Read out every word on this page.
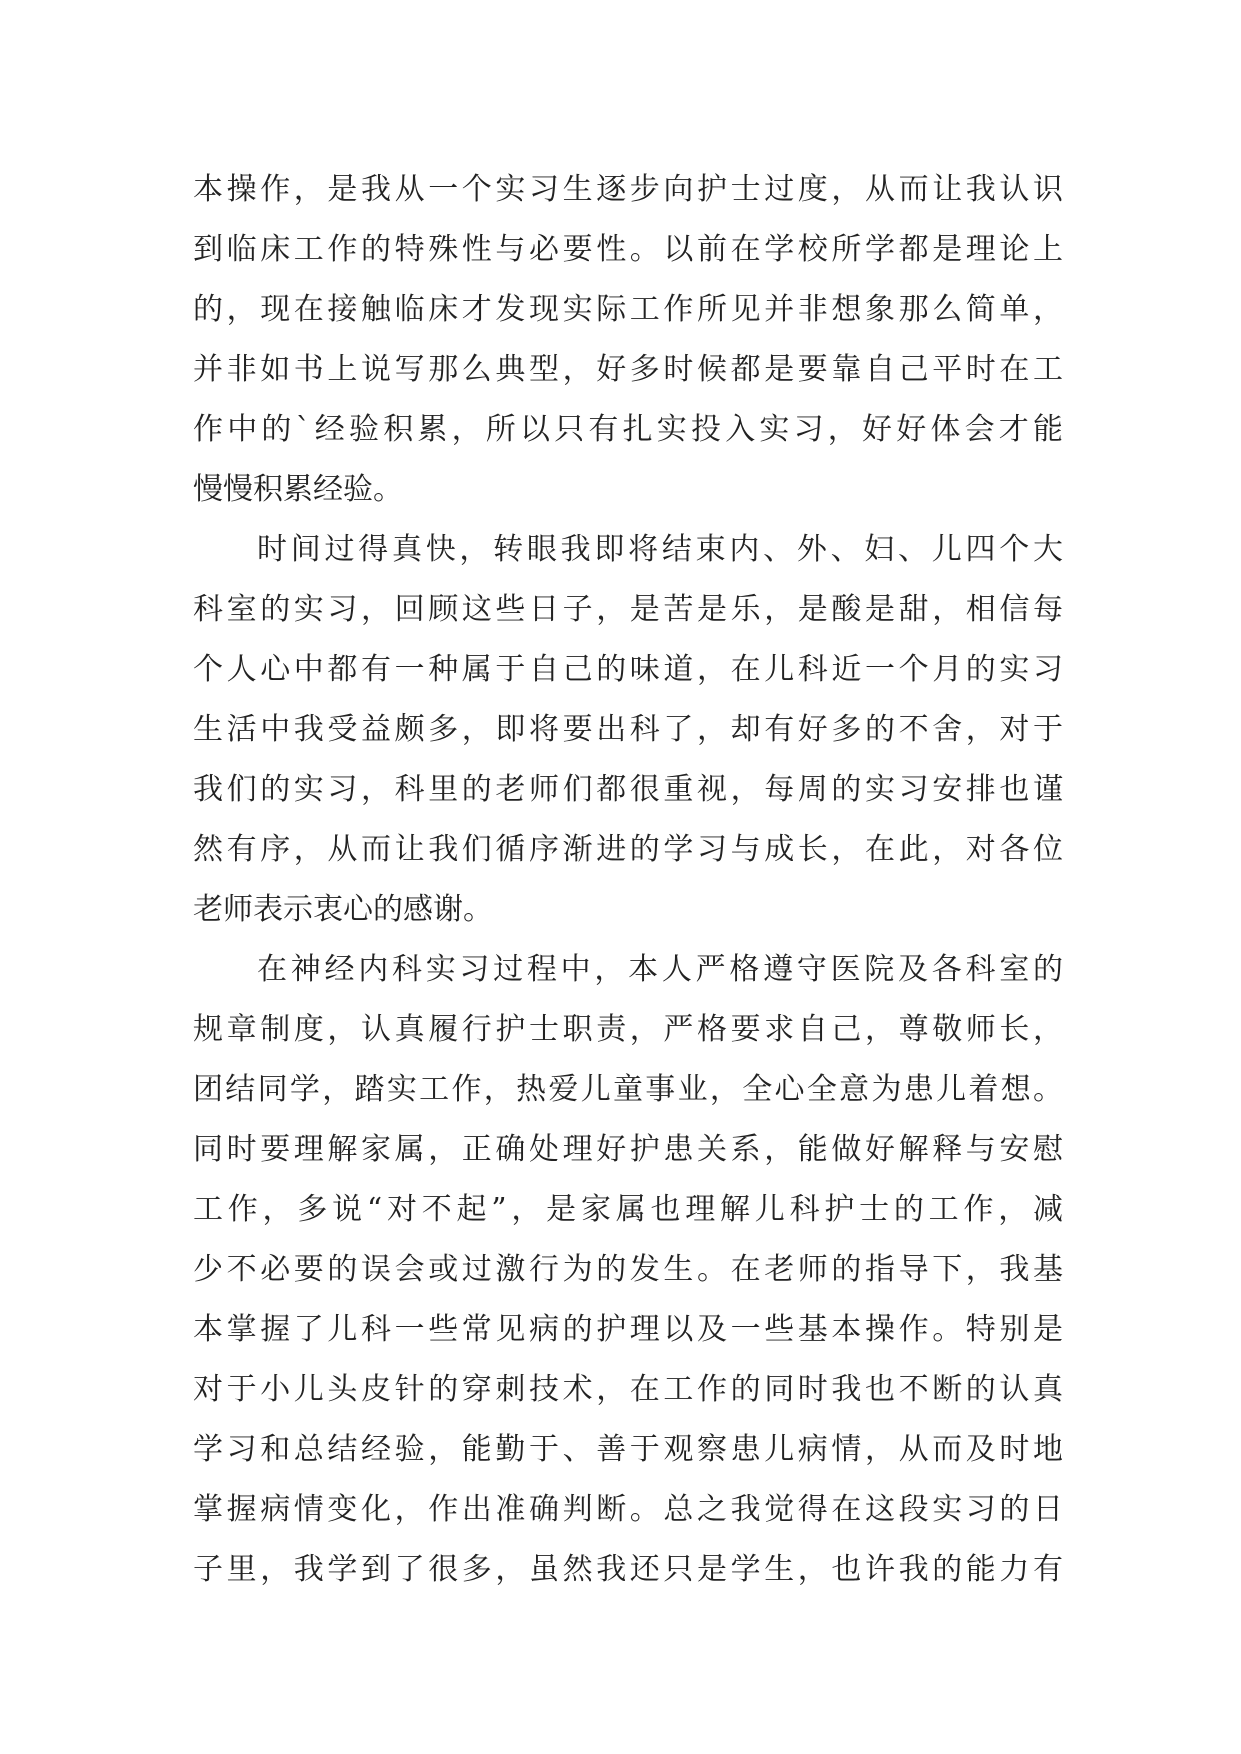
本操作，是我从一个实习生逐步向护士过度，从而让我认识
到临床工作的特殊性与必要性。以前在学校所学都是理论上
的，现在接触临床才发现实际工作所见并非想象那么简单，
并非如书上说写那么典型，好多时候都是要靠自己平时在工
作中的`经验积累，所以只有扎实投入实习，好好体会才能
慢慢积累经验。
时间过得真快，转眼我即将结束内、外、妇、儿四个大
科室的实习，回顾这些日子，是苦是乐，是酸是甜，相信每
个人心中都有一种属于自己的味道，在儿科近一个月的实习
生活中我受益颇多，即将要出科了，却有好多的不舍，对于
我们的实习，科里的老师们都很重视，每周的实习安排也谨
然有序，从而让我们循序渐进的学习与成长，在此，对各位
老师表示衷心的感谢。
在神经内科实习过程中，本人严格遵守医院及各科室的
规章制度，认真履行护士职责，严格要求自己，尊敬师长，
团结同学，踏实工作，热爱儿童事业，全心全意为患儿着想。
同时要理解家属，正确处理好护患关系，能做好解释与安慰
工作，多说“对不起”，是家属也理解儿科护士的工作，减
少不必要的误会或过激行为的发生。在老师的指导下，我基
本掌握了儿科一些常见病的护理以及一些基本操作。特别是
对于小儿头皮针的穿刺技术，在工作的同时我也不断的认真
学习和总结经验，能勤于、善于观察患儿病情，从而及时地
掌握病情变化，作出准确判断。总之我觉得在这段实习的日
子里，我学到了很多，虽然我还只是学生，也许我的能力有
